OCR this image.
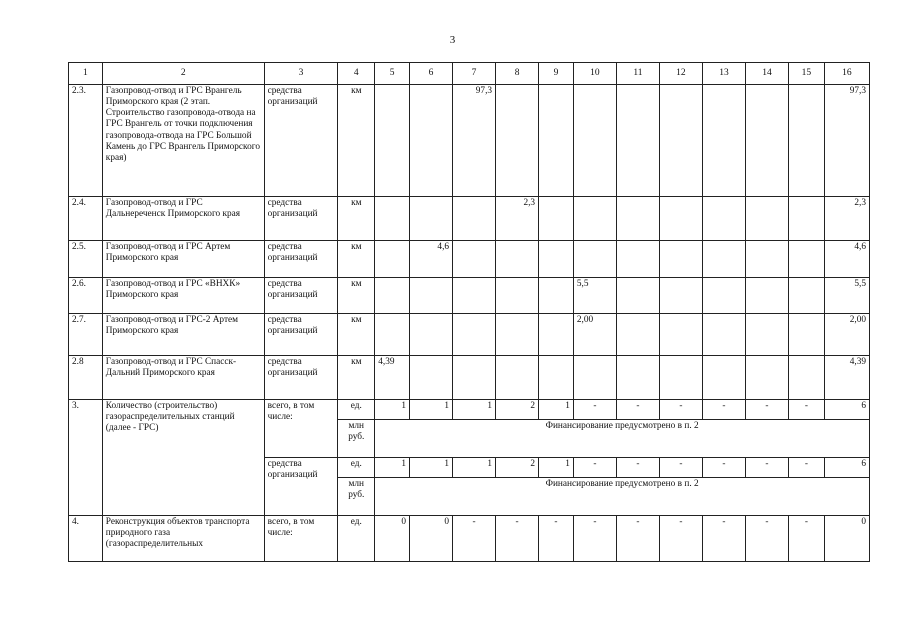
3
1	2	3	4	5	6	7	8	9	10	11	12	13	14	15	16
2.3.	Газопровод-отвод и ГРС Врангель Приморского края (2 этап. Строительство газопровода-отвода на ГРС Врангель от точки подключения газопровода-отвода на ГРС Большой Камень до ГРС Врангель Приморского края)	средства организаций	км			97,3									97,3
2.4.	Газопровод-отвод и ГРС Дальнереченск Приморского края	средства организаций	км				2,3								2,3
2.5.	Газопровод-отвод и ГРС Артем Приморского края	средства организаций	км		4,6										4,6
2.6.	Газопровод-отвод и ГРС «ВНХК» Приморского края	средства организаций	км						5,5						5,5
2.7.	Газопровод-отвод и ГРС-2 Артем Приморского края	средства организаций	км						2,00						2,00
2.8	Газопровод-отвод и ГРС Спасск-Дальний Приморского края	средства организаций	км	4,39											4,39
3.	Количество (строительство) газораспределительных станций (далее - ГРС)	всего, в том числе:	ед.	1	1	1	2	1	-	-	-	-	-	-	6
			млн руб.	Финансирование предусмотрено в п. 2											
		средства организаций	ед.	1	1	1	2	1	-	-	-	-	-	-	6
			млн руб.	Финансирование предусмотрено в п. 2											
4.	Реконструкция объектов транспорта природного газа (газораспределительных	всего, в том числе:	ед.	0	0	-	-	-	-	-	-	-	-	-	0
